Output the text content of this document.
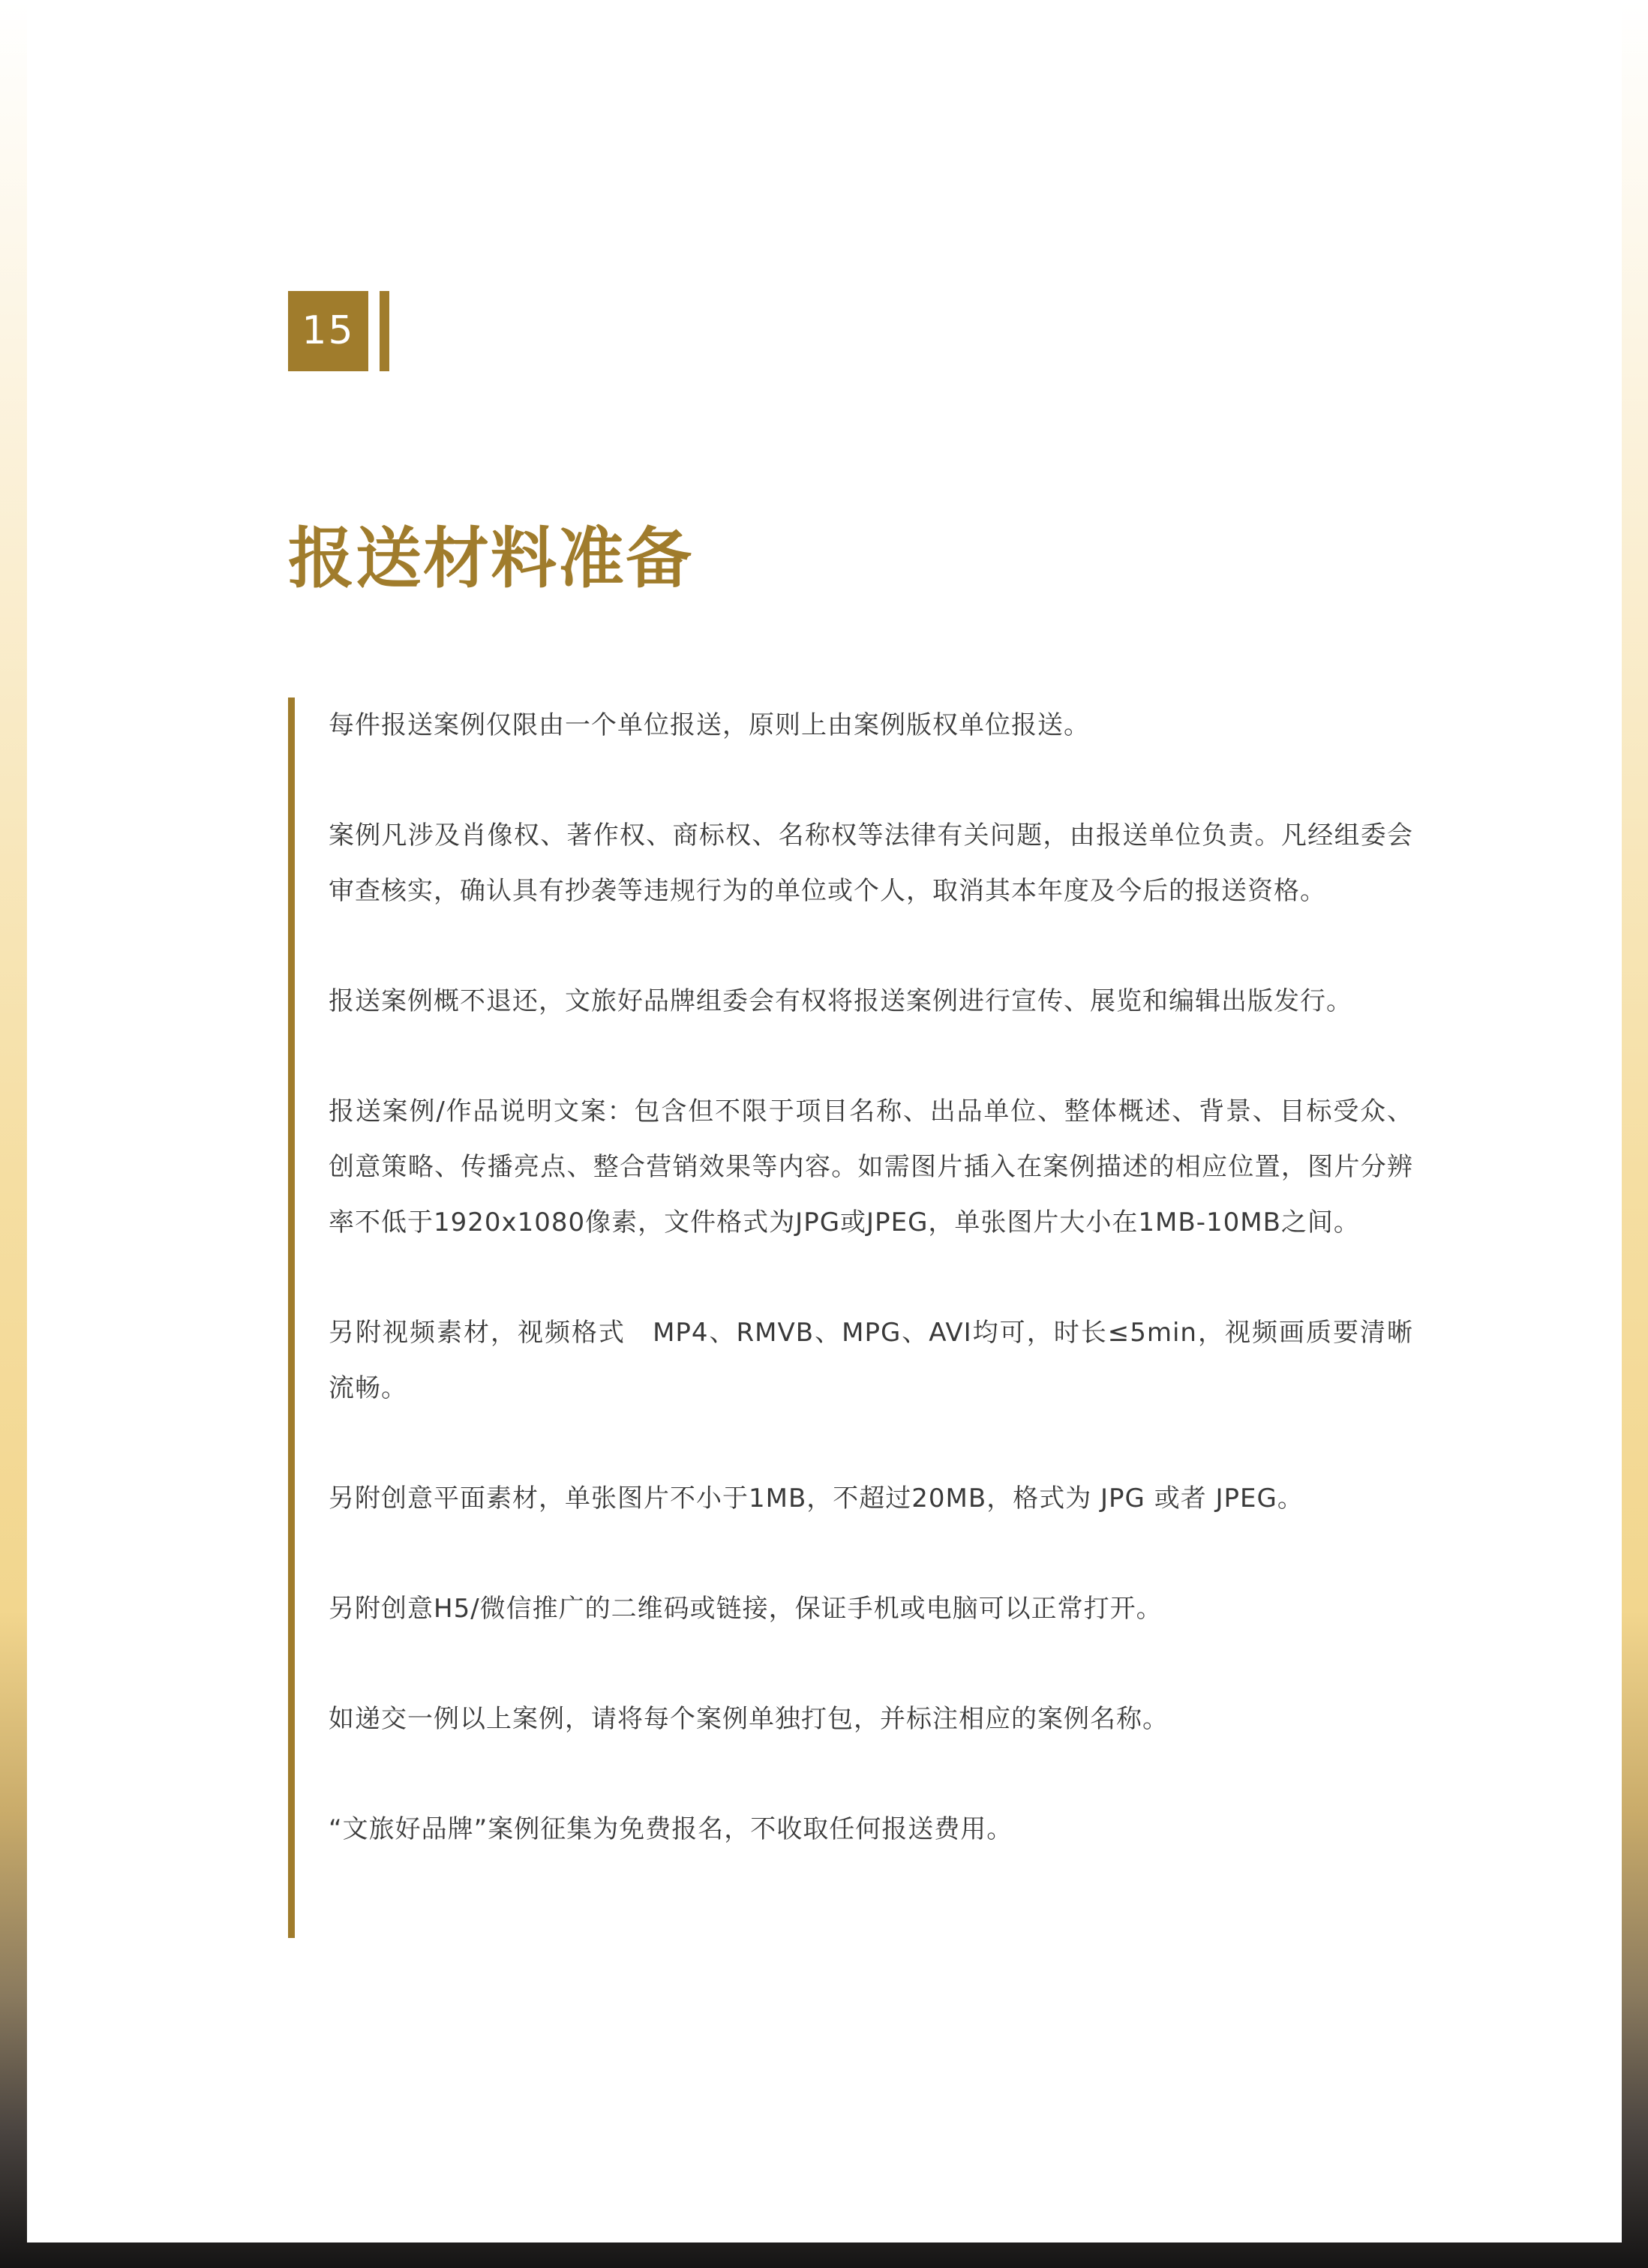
15
报送材料准备

每件报送案例仅限由一个单位报送，原则上由案例版权单位报送。

案例凡涉及肖像权、著作权、商标权、名称权等法律有关问题，由报送单位负责。凡经组委会审查核实，确认具有抄袭等违规行为的单位或个人，取消其本年度及今后的报送资格。

报送案例概不退还，文旅好品牌组委会有权将报送案例进行宣传、展览和编辑出版发行。

报送案例/作品说明文案：包含但不限于项目名称、出品单位、整体概述、背景、目标受众、创意策略、传播亮点、整合营销效果等内容。如需图片插入在案例描述的相应位置，图片分辨率不低于1920x1080像素，文件格式为JPG或JPEG，单张图片大小在1MB-10MB之间。

另附视频素材，视频格式　MP4、RMVB、MPG、AVI均可，时长≤5min，视频画质要清晰流畅。

另附创意平面素材，单张图片不小于1MB，不超过20MB，格式为 JPG 或者 JPEG。

另附创意H5/微信推广的二维码或链接，保证手机或电脑可以正常打开。

如递交一例以上案例，请将每个案例单独打包，并标注相应的案例名称。

“文旅好品牌”案例征集为免费报名，不收取任何报送费用。
